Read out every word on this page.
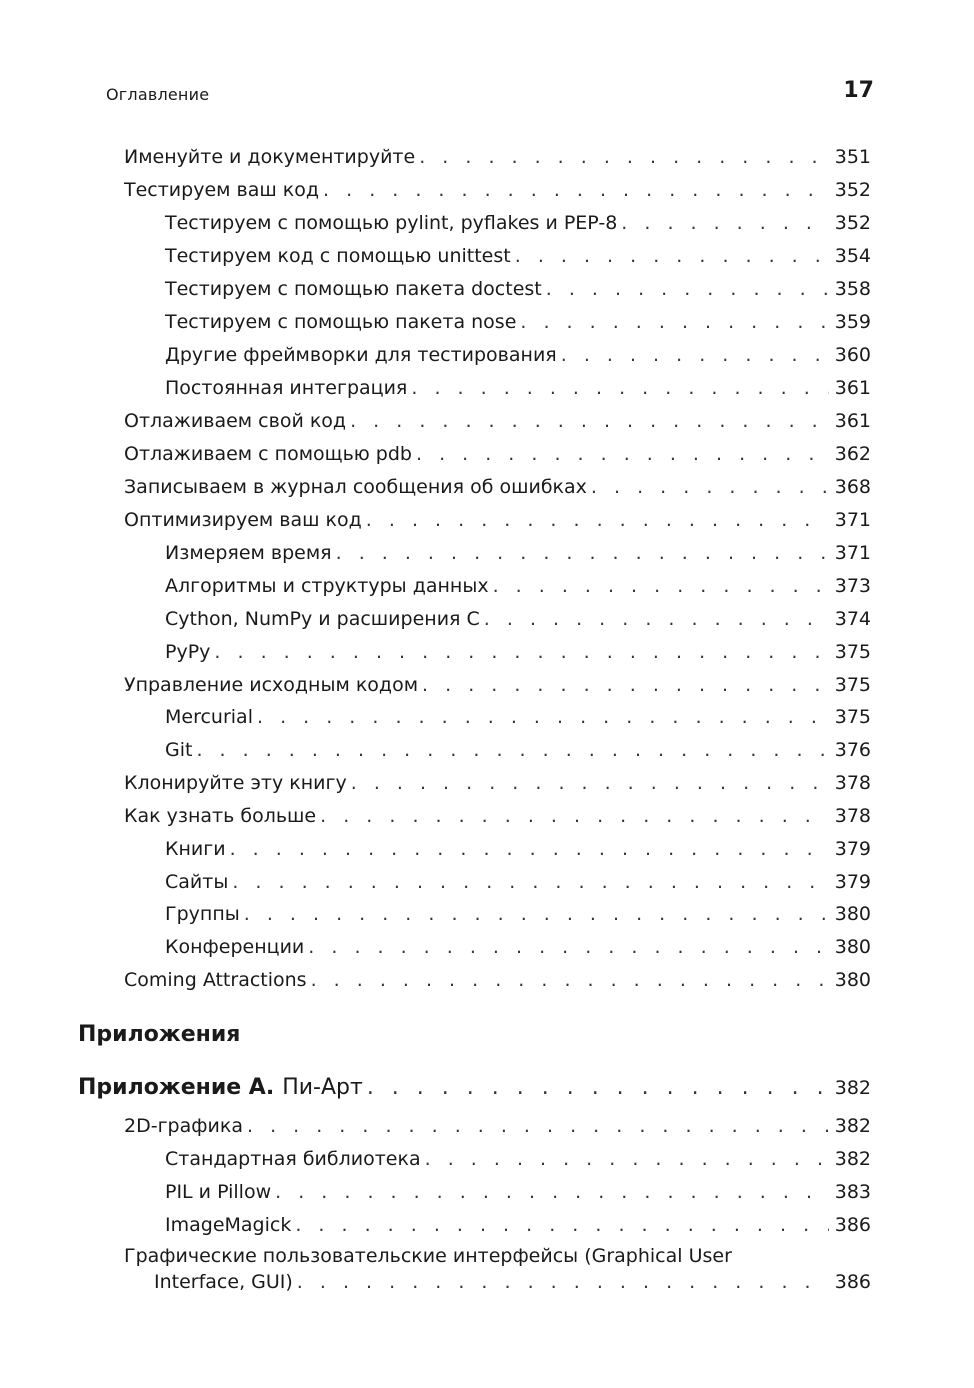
Оглавление	17
Именуйте и документируйте . . .	351
Тестируем ваш код . . .	352
Тестируем с помощью pylint, pyflakes и PEP-8 . . .	352
Тестируем код с помощью unittest . . .	354
Тестируем с помощью пакета doctest . . .	358
Тестируем с помощью пакета nose . . .	359
Другие фреймворки для тестирования . . .	360
Постоянная интеграция . . .	361
Отлаживаем свой код . . .	361
Отлаживаем с помощью pdb . . .	362
Записываем в журнал сообщения об ошибках . . .	368
Оптимизируем ваш код . . .	371
Измеряем время . . .	371
Алгоритмы и структуры данных . . .	373
Cython, NumPy и расширения С . . .	374
PyPy . . .	375
Управление исходным кодом . . .	375
Mercurial . . .	375
Git . . .	376
Клонируйте эту книгу . . .	378
Как узнать больше . . .	378
Книги . . .	379
Сайты . . .	379
Группы . . .	380
Конференции . . .	380
Coming Attractions . . .	380
Приложения
Приложение А. Пи-Арт . . .	382
2D-графика . . .	382
Стандартная библиотека . . .	382
PIL и Pillow . . .	383
ImageMagick . . .	386
Графические пользовательские интерфейсы (Graphical User
Interface, GUI) . . .	386
